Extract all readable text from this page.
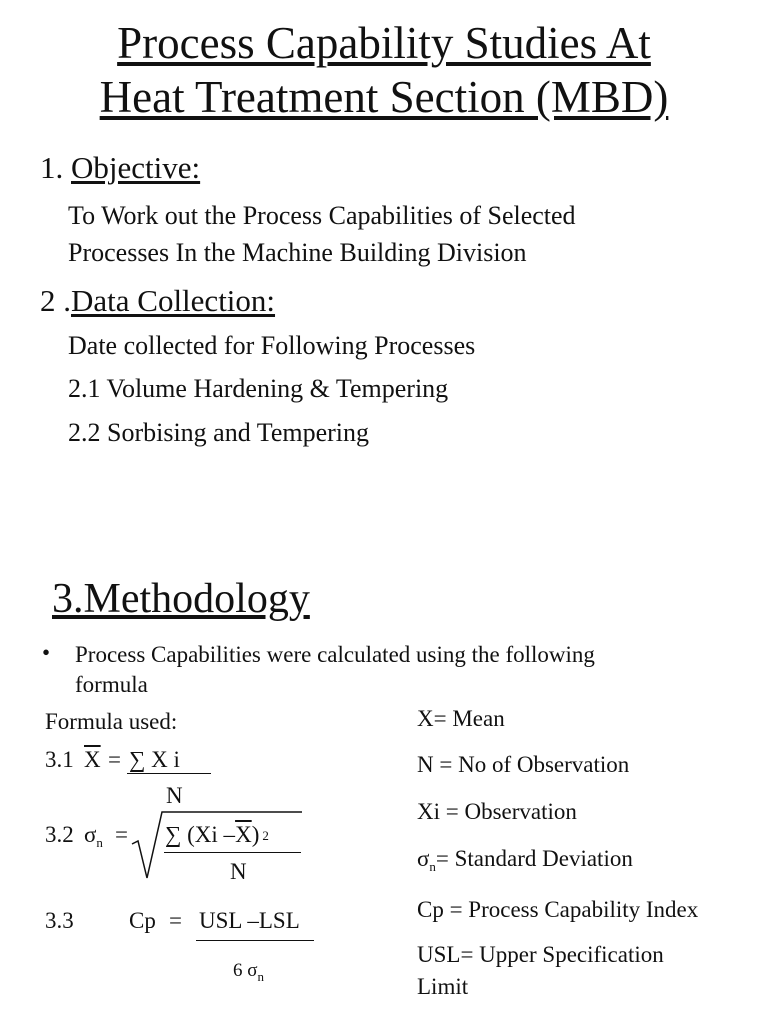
Process Capability Studies At
Heat Treatment Section (MBD)
1. Objective:
To Work out the Process Capabilities of Selected
Processes In the Machine Building Division
2 .Data Collection:
Date collected for Following Processes
2.1 Volume Hardening & Tempering
2.2 Sorbising and Tempering
3.Methodology
• Process Capabilities were calculated using the following
formula
Formula used:
3.1 $\overline{X}$ = ∑ X i
N
3.2 $\sigma_n$ = ∑ (Xi $-\overline{X}$) 2
N
3.3 Cp = USL –LSL
6 $\sigma_n$
X= Mean
N = No of Observation
Xi = Observation
$\sigma_n=$ Standard Deviation
Cp = Process Capability Index
USL= Upper Specification
Limit
